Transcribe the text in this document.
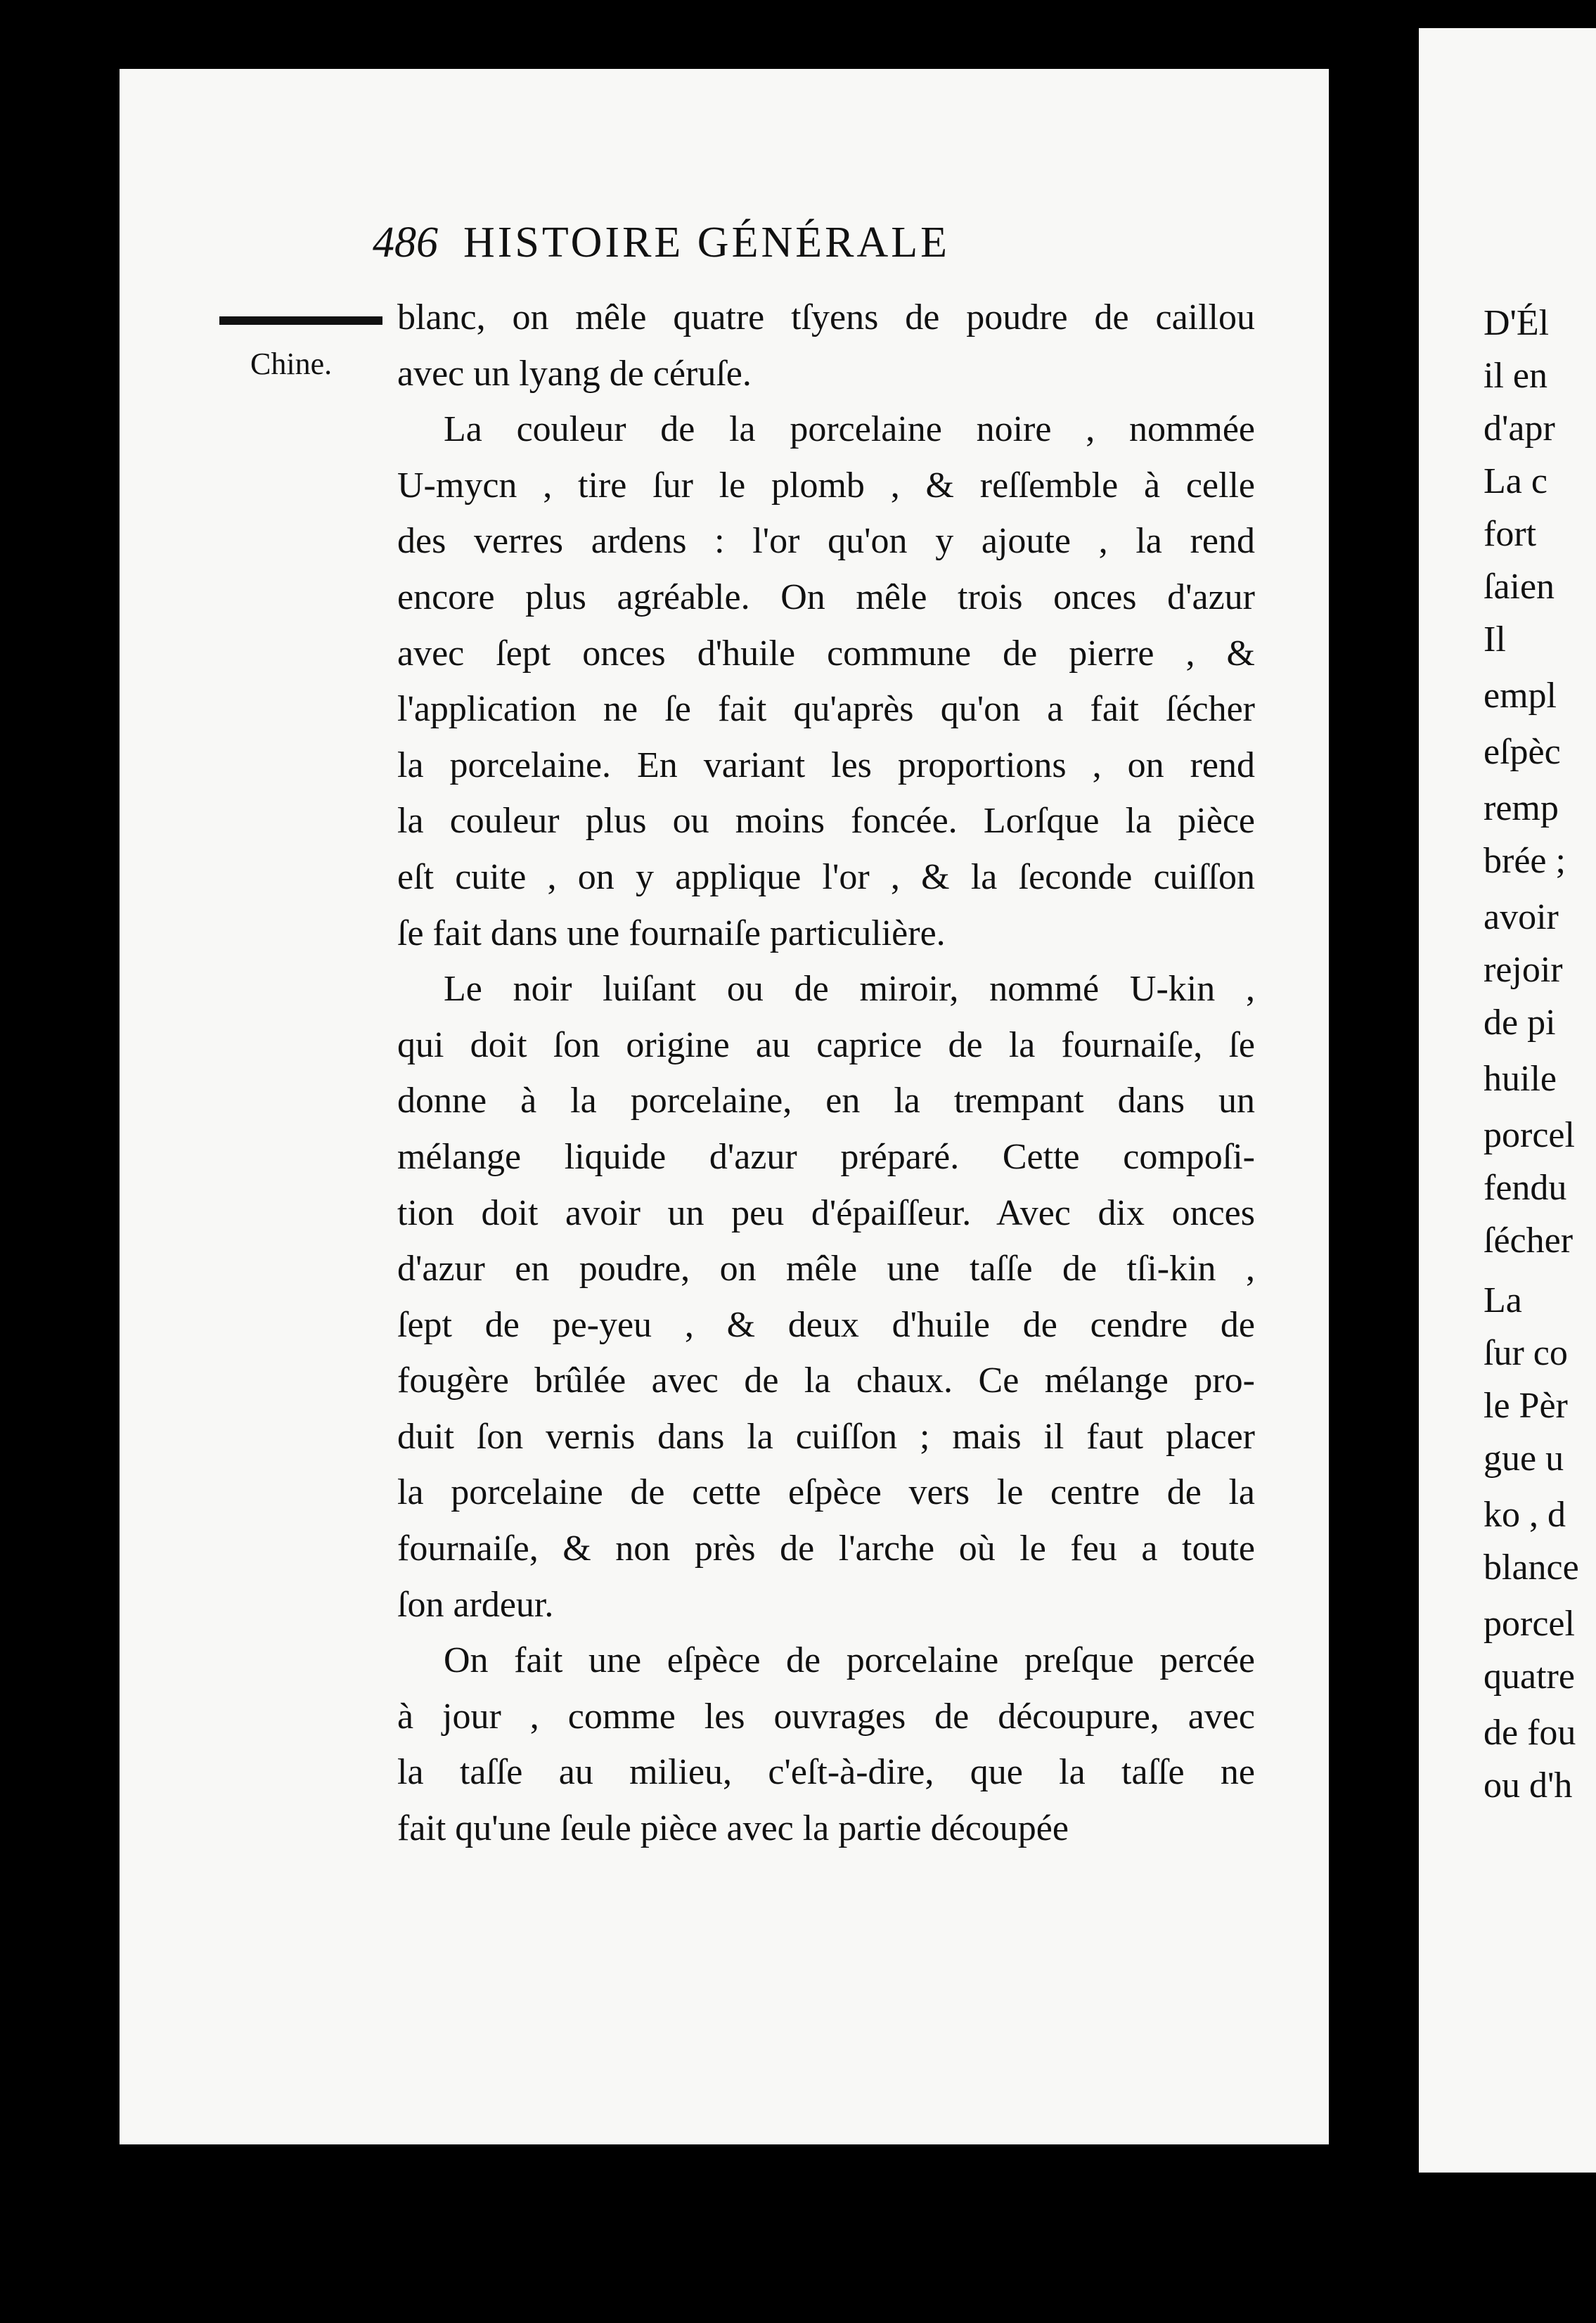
486 HISTOIRE GÉNÉRALE
Chine.
blanc, on mêle quatre tſyens de poudre de caillou
avec un lyang de céruſe.
La couleur de la porcelaine noire , nommée
U-mycn , tire ſur le plomb , & reſſemble à celle
des verres ardens : l'or qu'on y ajoute , la rend
encore plus agréable. On mêle trois onces d'azur
avec ſept onces d'huile commune de pierre , &
l'application ne ſe fait qu'après qu'on a fait ſécher
la porcelaine. En variant les proportions , on rend
la couleur plus ou moins foncée. Lorſque la pièce
eſt cuite , on y applique l'or , & la ſeconde cuiſſon
ſe fait dans une fournaiſe particulière.
Le noir luiſant ou de miroir, nommé U-kin ,
qui doit ſon origine au caprice de la fournaiſe, ſe
donne à la porcelaine, en la trempant dans un
mélange liquide d'azur préparé. Cette compoſi-
tion doit avoir un peu d'épaiſſeur. Avec dix onces
d'azur en poudre, on mêle une taſſe de tſi-kin ,
ſept de pe-yeu , & deux d'huile de cendre de
fougère brûlée avec de la chaux. Ce mélange pro-
duit ſon vernis dans la cuiſſon ; mais il faut placer
la porcelaine de cette eſpèce vers le centre de la
fournaiſe, & non près de l'arche où le feu a toute
ſon ardeur.
On fait une eſpèce de porcelaine preſque percée
à jour , comme les ouvrages de découpure, avec
la taſſe au milieu, c'eſt-à-dire, que la taſſe ne
fait qu'une ſeule pièce avec la partie découpée
D'Él
il en
d'apr
La c
fort
ſaien
Il
empl
eſpèc
remp
brée ;
avoir
rejoir
de pi
huile
porcel
fendu
ſécher
La
ſur co
le Pèr
gue u
ko , d
blance
porcel
quatre
de fou
ou d'h
